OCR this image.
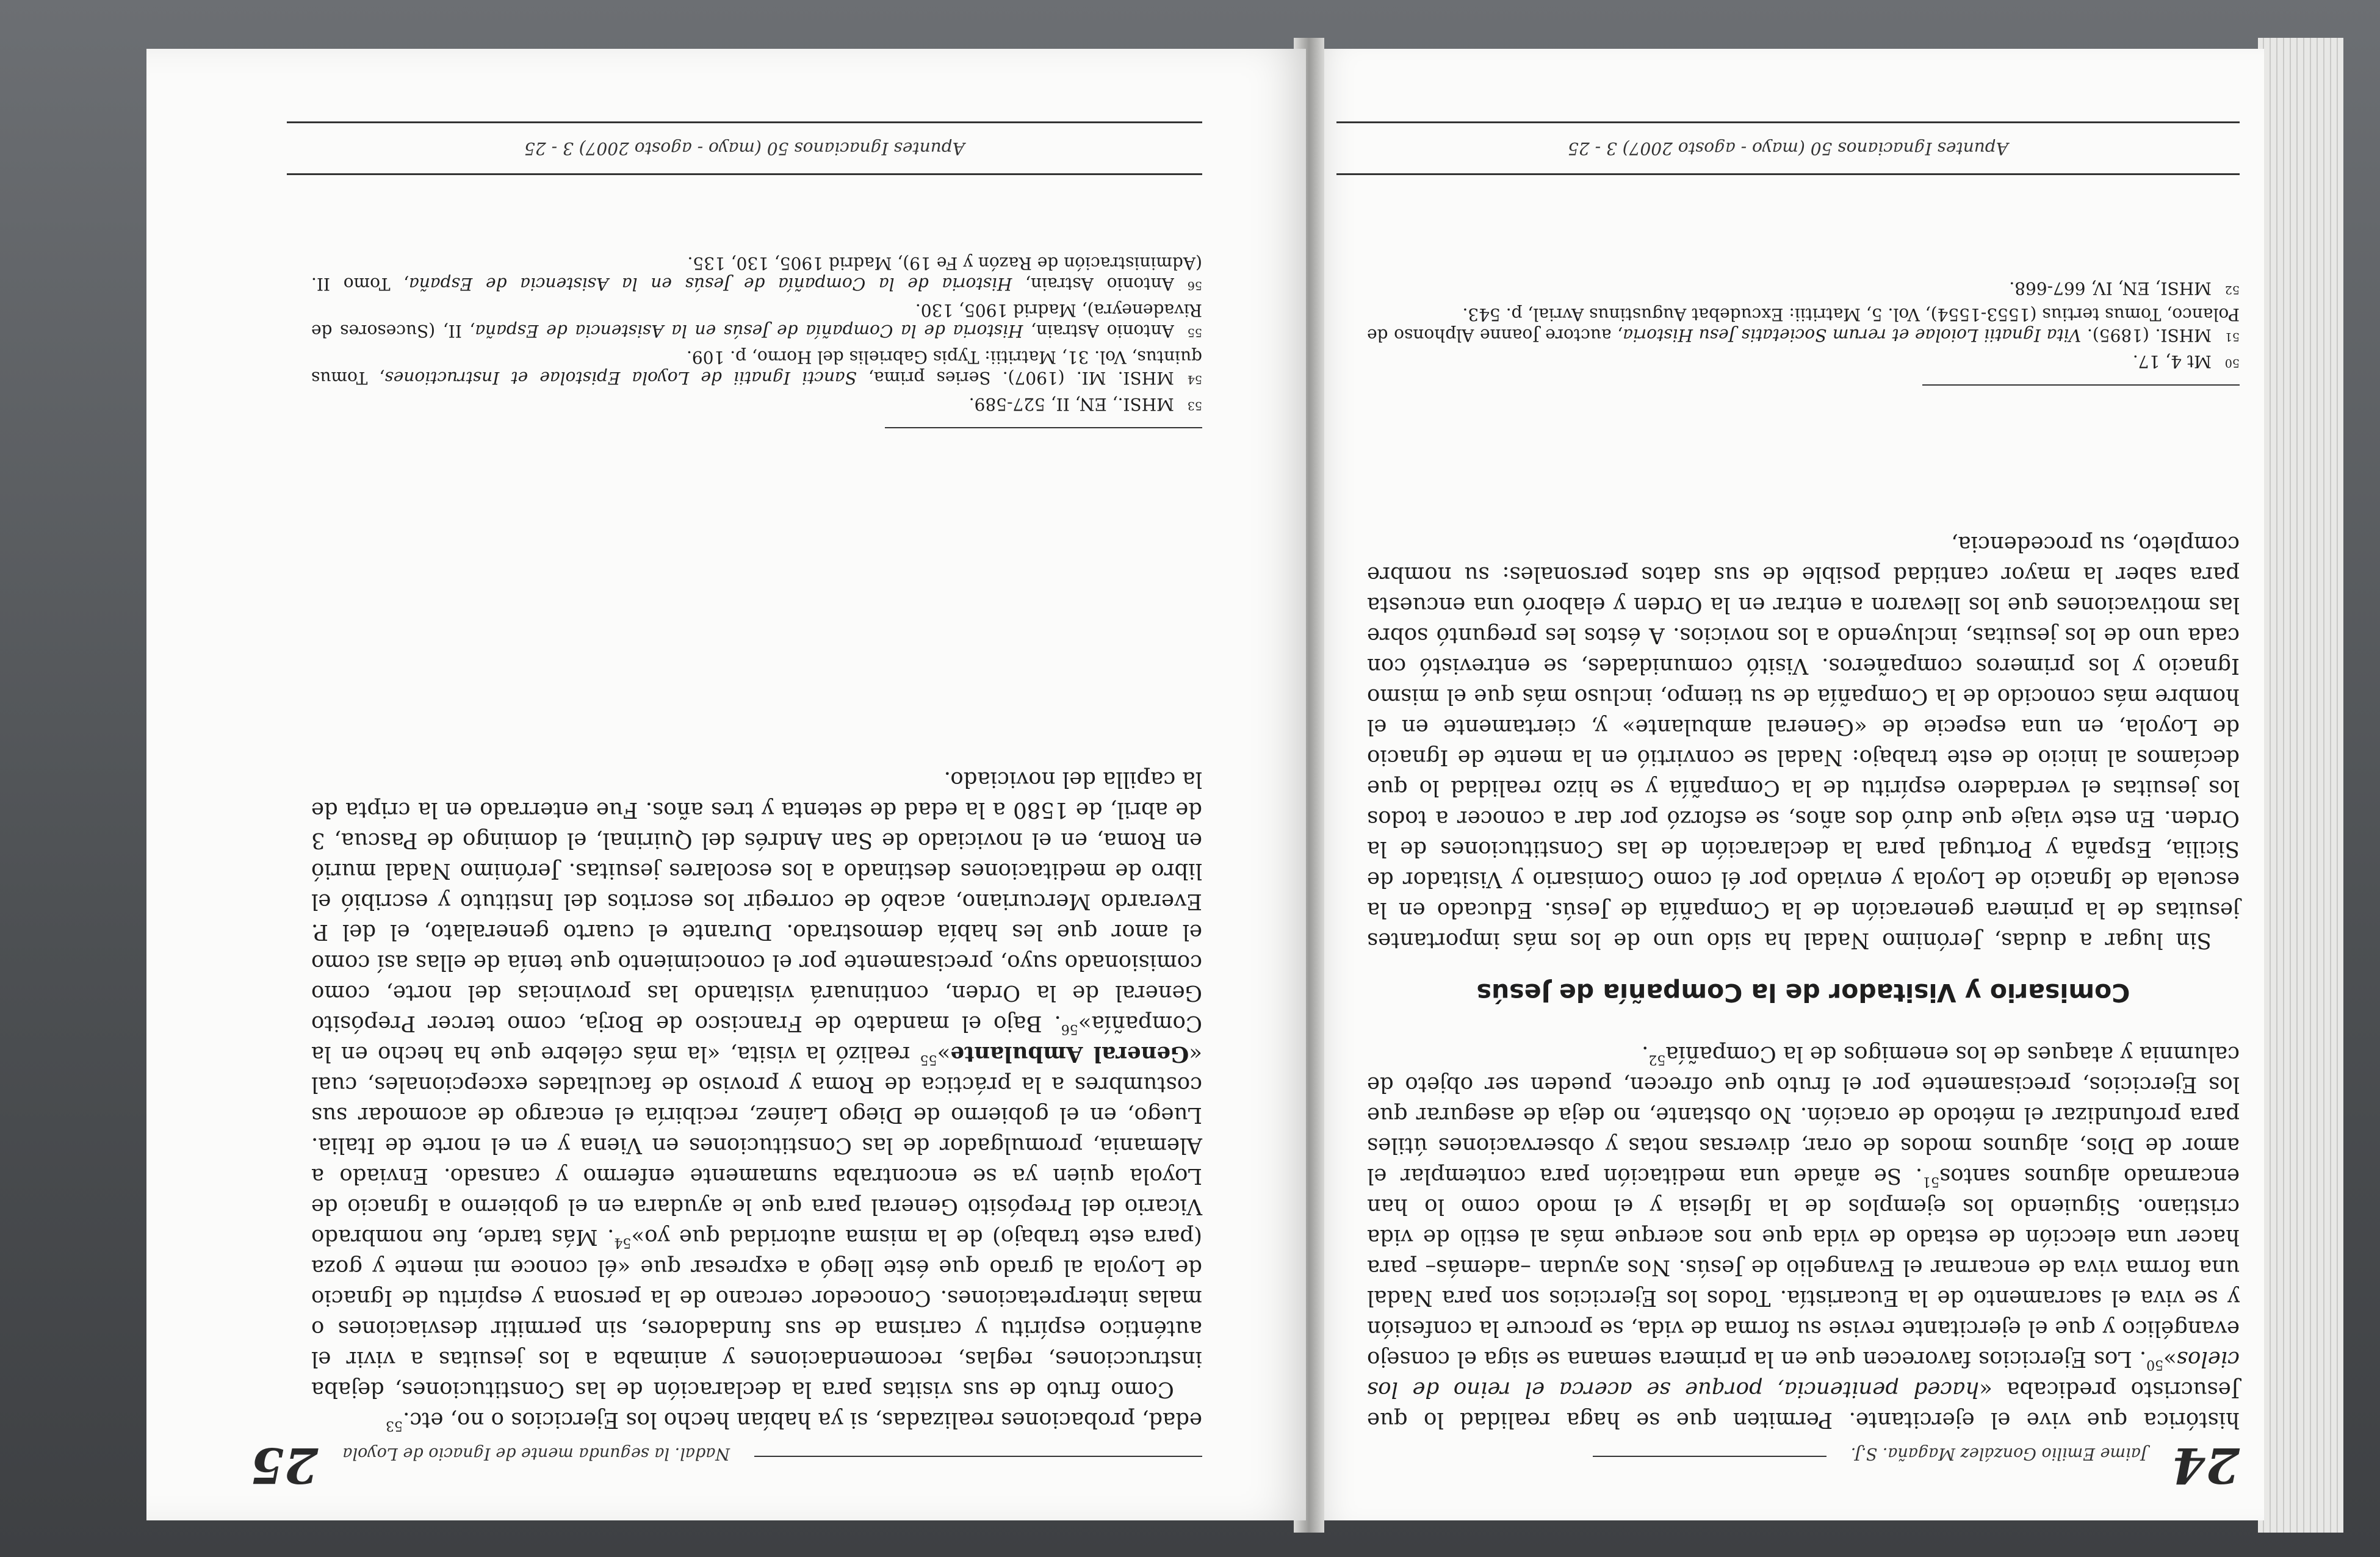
24
Jaime Emilio González Magaña. S.J.

histórica que vive el ejercitante. Permiten que se haga realidad lo que Jesucristo predicaba «haced penitencia, porque se acerca el reino de los cielos»$^{50}$. Los Ejercicios favorecen que en la primera semana se siga el consejo evangélico y que el ejercitante revise su forma de vida, se procure la confesión y se viva el sacramento de la Eucaristía. Todos los Ejercicios son para Nadal una forma viva de encarnar el Evangelio de Jesús. Nos ayudan –además– para hacer una elección de estado de vida que nos acerque más al estilo de vida cristiano. Siguiendo los ejemplos de la Iglesia y el modo como lo han encarnado algunos santos$^{51}$. Se añade una meditación para contemplar el amor de Dios, algunos modos de orar, diversas notas y observaciones útiles para profundizar el método de oración. No obstante, no deja de asegurar que los Ejercicios, precisamente por el fruto que ofrecen, pueden ser objeto de calumnia y ataques de los enemigos de la Compañía$^{52}$.

Comisario y Visitador de la Compañía de Jesús

Sin lugar a dudas, Jerónimo Nadal ha sido uno de los más importantes jesuitas de la primera generación de la Compañía de Jesús. Educado en la escuela de Ignacio de Loyola y enviado por él como Comisario y Visitador de Sicilia, España y Portugal para la declaración de las Constituciones de la Orden. En este viaje que duró dos años, se esforzó por dar a conocer a todos los jesuitas el verdadero espíritu de la Compañía y se hizo realidad lo que decíamos al inicio de este trabajo: Nadal se convirtió en la mente de Ignacio de Loyola, en una especie de «General ambulante» y, ciertamente en el hombre más conocido de la Compañía de su tiempo, incluso más que el mismo Ignacio y los primeros compañeros. Visitó comunidades, se entrevistó con cada uno de los jesuitas, incluyendo a los novicios. A éstos les preguntó sobre las motivaciones que los llevaron a entrar en la Orden y elaboró una encuesta para saber la mayor cantidad posible de sus datos personales: su nombre completo, su procedencia,

$^{50}$Mt 4, 17.

$^{51}$MHSI. (1895). Vita Ignatii Loiolae et rerum Societatis Jesu Historia, auctore Joanne Alphonso de Polanco, Tomus tertius (1553-1554), Vol. 5, Matritii: Excudebat Augustinus Avrial, p. 543.

$^{52}$MHSI, EN, IV, 667-668.

Apuntes Ignacianos 50 (mayo - agosto 2007) 3 - 25
25 Nadal. la segunda mente de Ignacio de Loyola

edad, probaciones realizadas, si ya habían hecho los Ejercicios o no, etc.$^{53}$

Como fruto de sus visitas para la declaración de las Constituciones, dejaba instrucciones, reglas, recomendaciones y animaba a los jesuitas a vivir el auténtico espíritu y carisma de sus fundadores, sin permitir desviaciones o malas interpretaciones. Conocedor cercano de la persona y espíritu de Ignacio de Loyola al grado que éste llegó a expresar que «él conoce mi mente y goza (para este trabajo) de la misma autoridad que yo»$^{54}$. Más tarde, fue nombrado Vicario del Prepósito General para que le ayudara en el gobierno a Ignacio de Loyola quien ya se encontraba sumamente enfermo y cansado. Enviado a Alemania, promulgador de las Constituciones en Viena y en el norte de Italia. Luego, en el gobierno de Diego Laínez, recibiría el encargo de acomodar sus costumbres a la práctica de Roma y proviso de facultades excepcionales, cual «General Ambulante»$^{55}$ realizó la visita, «la más célebre que ha hecho en la Compañía»$^{56}$. Bajo el mandato de Francisco de Borja, como tercer Prepósito General de la Orden, continuará visitando las provincias del norte, como comisionado suyo, precisamente por el conocimiento que tenía de ellas así como el amor que les había demostrado. Durante el cuarto generalato, el del P. Everardo Mercuriano, acabó de corregir los escritos del Instituto y escribió el libro de meditaciones destinado a los escolares jesuitas. Jerónimo Nadal murió en Roma, en el noviciado de San Andrés del Quirinal, el domingo de Pascua, 3 de abril, de 1580 a la edad de setenta y tres años. Fue enterrado en la cripta de la capilla del noviciado.

$^{53}$MHSI., EN, II, 527-589.

$^{54}$MHSI. MI. (1907). Series prima, Sancti Ignatii de Loyola Epistolae et Instructiones, Tomus quintus, Vol. 31, Matritii: Typis Gabrielis del Horno, p. 109.

$^{55}$Antonio Astrain, Historia de la Compañía de Jesús en la Asistencia de España, II, (Sucesores de Rivadeneyra), Madrid 1905, 130.

$^{56}$Antonio Astrain, Historia de la Compañía de Jesús en la Asistencia de España, Tomo II. (Administración de Razón y Fe 19), Madrid 1905, 130, 135.

Apuntes Ignacianos 50 (mayo - agosto 2007) 3 - 25
